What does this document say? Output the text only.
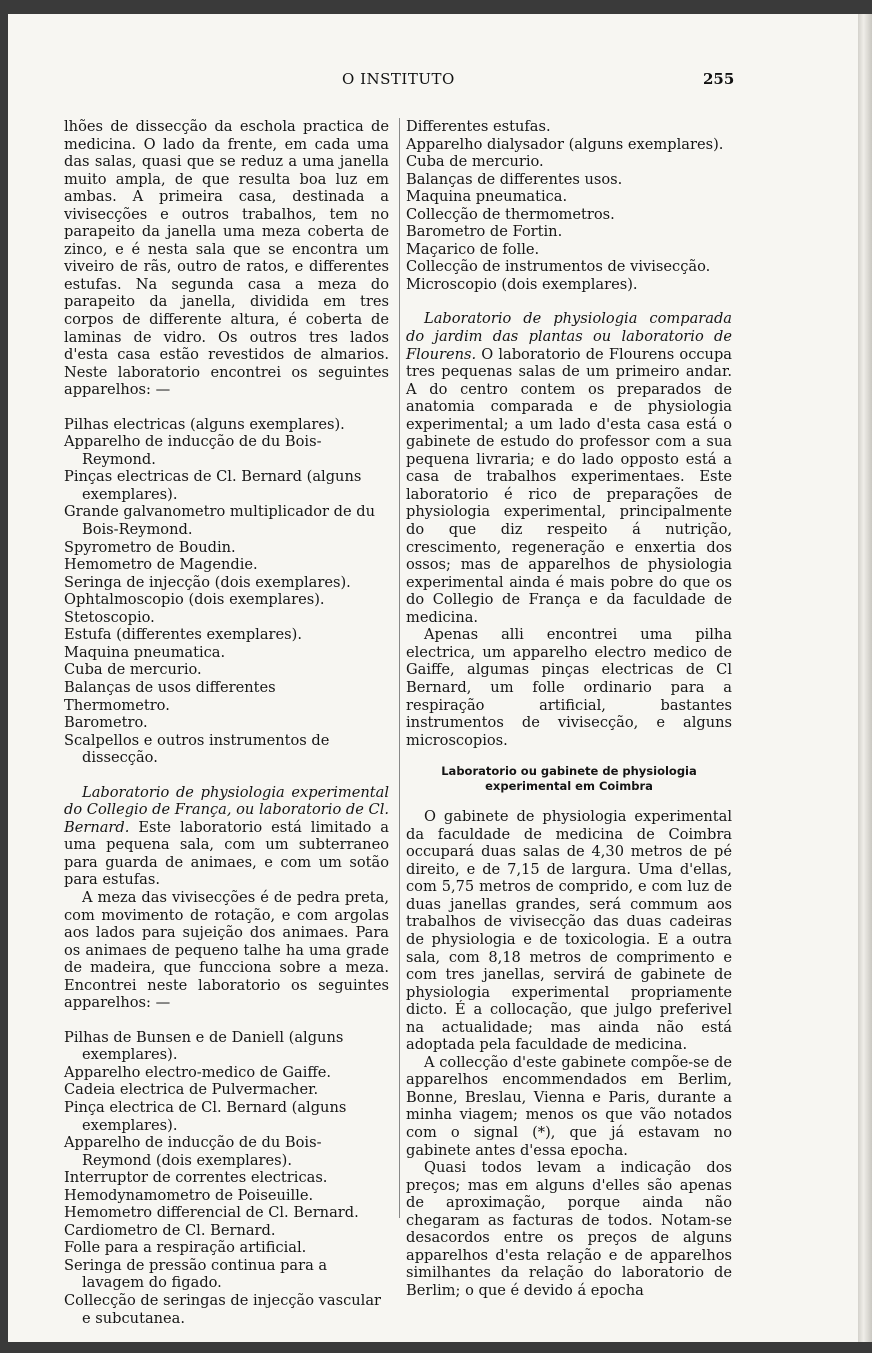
O INSTITUTO	255

lhões de dissecção da eschola practica de medicina. O lado da frente, em cada uma das salas, quasi que se reduz a uma janella muito ampla, de que resulta boa luz em ambas. A primeira casa, destinada a vivisecções e outros trabalhos, tem no parapeito da janella uma meza coberta de zinco, e é nesta sala que se encontra um viveiro de rãs, outro de ratos, e differentes estufas. Na segunda casa a meza do parapeito da janella, dividida em tres corpos de differente altura, é coberta de laminas de vidro. Os outros tres lados d'esta casa estão revestidos de almarios. Neste laboratorio encontrei os seguintes apparelhos: —

Pilhas electricas (alguns exemplares).

Apparelho de inducção de du Bois-Reymond.

Pinças electricas de Cl. Bernard (alguns exemplares).

Grande galvanometro multiplicador de du Bois-Reymond.

Spyrometro de Boudin.

Hemometro de Magendie.

Seringa de injecção (dois exemplares).

Ophtalmoscopio (dois exemplares).

Stetoscopio.

Estufa (differentes exemplares).

Maquina pneumatica.

Cuba de mercurio.

Balanças de usos differentes

Thermometro.

Barometro.

Scalpellos e outros instrumentos de dissecção.

Laboratorio de physiologia experimental do Collegio de França, ou laboratorio de Cl. Bernard. Este laboratorio está limitado a uma pequena sala, com um subterraneo para guarda de animaes, e com um sotão para estufas.

A meza das vivisecções é de pedra preta, com movimento de rotação, e com argolas aos lados para sujeição dos animaes. Para os animaes de pequeno talhe ha uma grade de madeira, que funcciona sobre a meza. Encontrei neste laboratorio os seguintes apparelhos: —

Pilhas de Bunsen e de Daniell (alguns exemplares).

Apparelho electro-medico de Gaiffe.

Cadeia electrica de Pulvermacher.

Pinça electrica de Cl. Bernard (alguns exemplares).

Apparelho de inducção de du Bois-Reymond (dois exemplares).

Interruptor de correntes electricas.

Hemodynamometro de Poiseuille.

Hemometro differencial de Cl. Bernard.

Cardiometro de Cl. Bernard.

Folle para a respiração artificial.

Seringa de pressão continua para a lavagem do figado.

Collecção de seringas de injecção vascular e subcutanea.

Differentes estufas.

Apparelho dialysador (alguns exemplares).

Cuba de mercurio.

Balanças de differentes usos.

Maquina pneumatica.

Collecção de thermometros.

Barometro de Fortin.

Maçarico de folle.

Collecção de instrumentos de vivisecção.

Microscopio (dois exemplares).

Laboratorio de physiologia comparada do jardim das plantas ou laboratorio de Flourens. O laboratorio de Flourens occupa tres pequenas salas de um primeiro andar. A do centro contem os preparados de anatomia comparada e de physiologia experimental; a um lado d'esta casa está o gabinete de estudo do professor com a sua pequena livraria; e do lado opposto está a casa de trabalhos experimentaes. Este laboratorio é rico de preparações de physiologia experimental, principalmente do que diz respeito á nutrição, crescimento, regeneração e enxertia dos ossos; mas de apparelhos de physiologia experimental ainda é mais pobre do que os do Collegio de França e da faculdade de medicina.

Apenas alli encontrei uma pilha electrica, um apparelho electro medico de Gaiffe, algumas pinças electricas de Cl Bernard, um folle ordinario para a respiração artificial, bastantes instrumentos de vivisecção, e alguns microscopios.

Laboratorio ou gabinete de physiologia experimental em Coimbra

O gabinete de physiologia experimental da faculdade de medicina de Coimbra occupará duas salas de 4,30 metros de pé direito, e de 7,15 de largura. Uma d'ellas, com 5,75 metros de comprido, e com luz de duas janellas grandes, será commum aos trabalhos de vivisecção das duas cadeiras de physiologia e de toxicologia. E a outra sala, com 8,18 metros de comprimento e com tres janellas, servirá de gabinete de physiologia experimental propriamente dicto. É a collocação, que julgo preferivel na actualidade; mas ainda não está adoptada pela faculdade de medicina.

A collecção d'este gabinete compõe-se de apparelhos encommendados em Berlim, Bonne, Breslau, Vienna e Paris, durante a minha viagem; menos os que vão notados com o signal (*), que já estavam no gabinete antes d'essa epocha.

Quasi todos levam a indicação dos preços; mas em alguns d'elles são apenas de aproximação, porque ainda não chegaram as facturas de todos. Notam-se desacordos entre os preços de alguns apparelhos d'esta relação e de apparelhos similhantes da relação do laboratorio de Berlim; o que é devido á epocha
